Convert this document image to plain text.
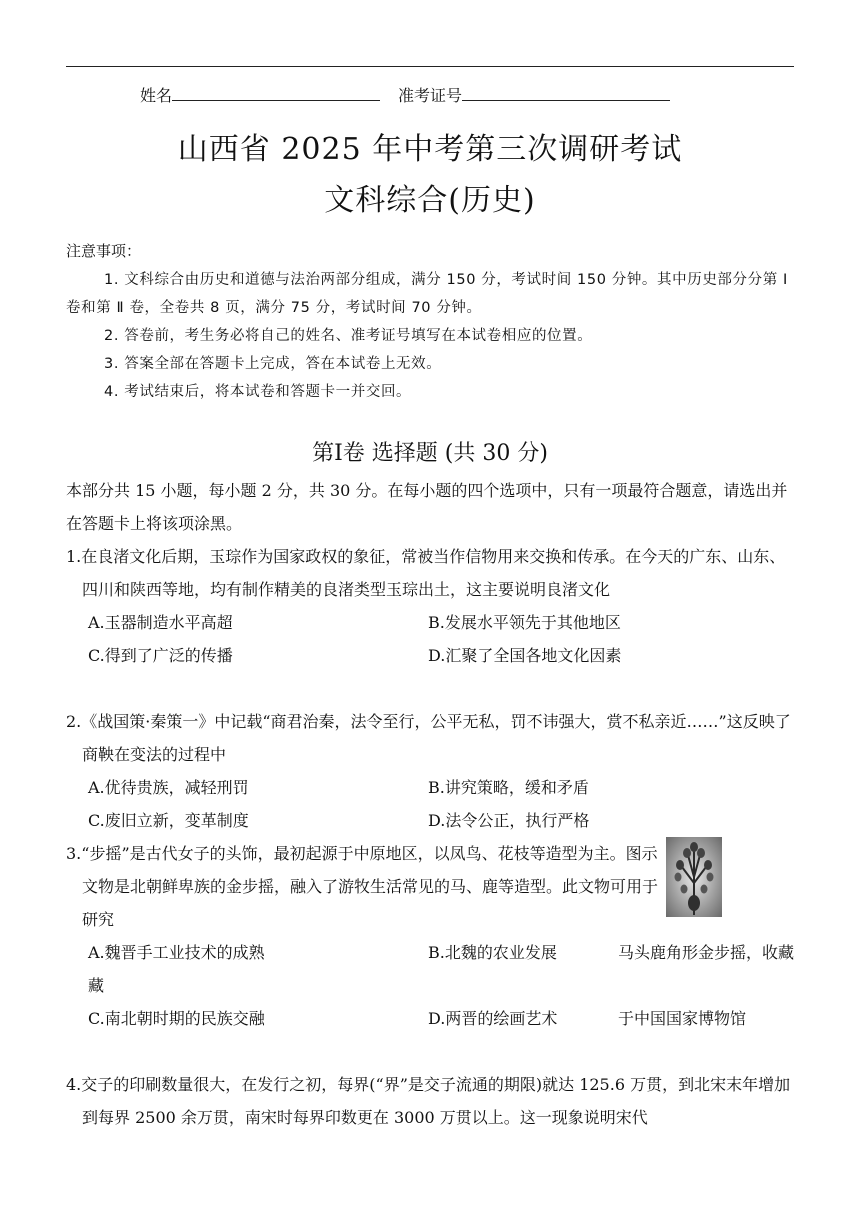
姓名	准考证号
山西省 2025 年中考第三次调研考试
文科综合(历史)
注意事项：
1. 文科综合由历史和道德与法治两部分组成，满分 150 分，考试时间 150 分钟。其中历史部分分第 Ⅰ 卷和第 Ⅱ 卷，全卷共 8 页，满分 75 分，考试时间 70 分钟。
2. 答卷前，考生务必将自己的姓名、准考证号填写在本试卷相应的位置。
3. 答案全部在答题卡上完成，答在本试卷上无效。
4. 考试结束后，将本试卷和答题卡一并交回。
第Ⅰ卷 选择题 (共 30 分)
本部分共 15 小题，每小题 2 分，共 30 分。在每小题的四个选项中，只有一项最符合题意，请选出并在答题卡上将该项涂黑。
1.在良渚文化后期，玉琮作为国家政权的象征，常被当作信物用来交换和传承。在今天的广东、山东、四川和陕西等地，均有制作精美的良渚类型玉琮出土，这主要说明良渚文化
A.玉器制造水平高超	B.发展水平领先于其他地区
C.得到了广泛的传播	D.汇聚了全国各地文化因素
2.《战国策·秦策一》中记载“商君治秦，法令至行，公平无私，罚不讳强大，赏不私亲近……”这反映了商鞅在变法的过程中
A.优待贵族，减轻刑罚	B.讲究策略，缓和矛盾
C.废旧立新，变革制度	D.法令公正，执行严格
3.“步摇”是古代女子的头饰，最初起源于中原地区，以凤鸟、花枝等造型为主。图示文物是北朝鲜卑族的金步摇，融入了游牧生活常见的马、鹿等造型。此文物可用于研究
A.魏晋手工业技术的成熟	B.北魏的农业发展	马头鹿角形金步摇，收藏
藏
C.南北朝时期的民族交融	D.两晋的绘画艺术	于中国国家博物馆
4.交子的印刷数量很大，在发行之初，每界(“界”是交子流通的期限)就达 125.6 万贯，到北宋末年增加到每界 2500 余万贯，南宋时每界印数更在 3000 万贯以上。这一现象说明宋代
